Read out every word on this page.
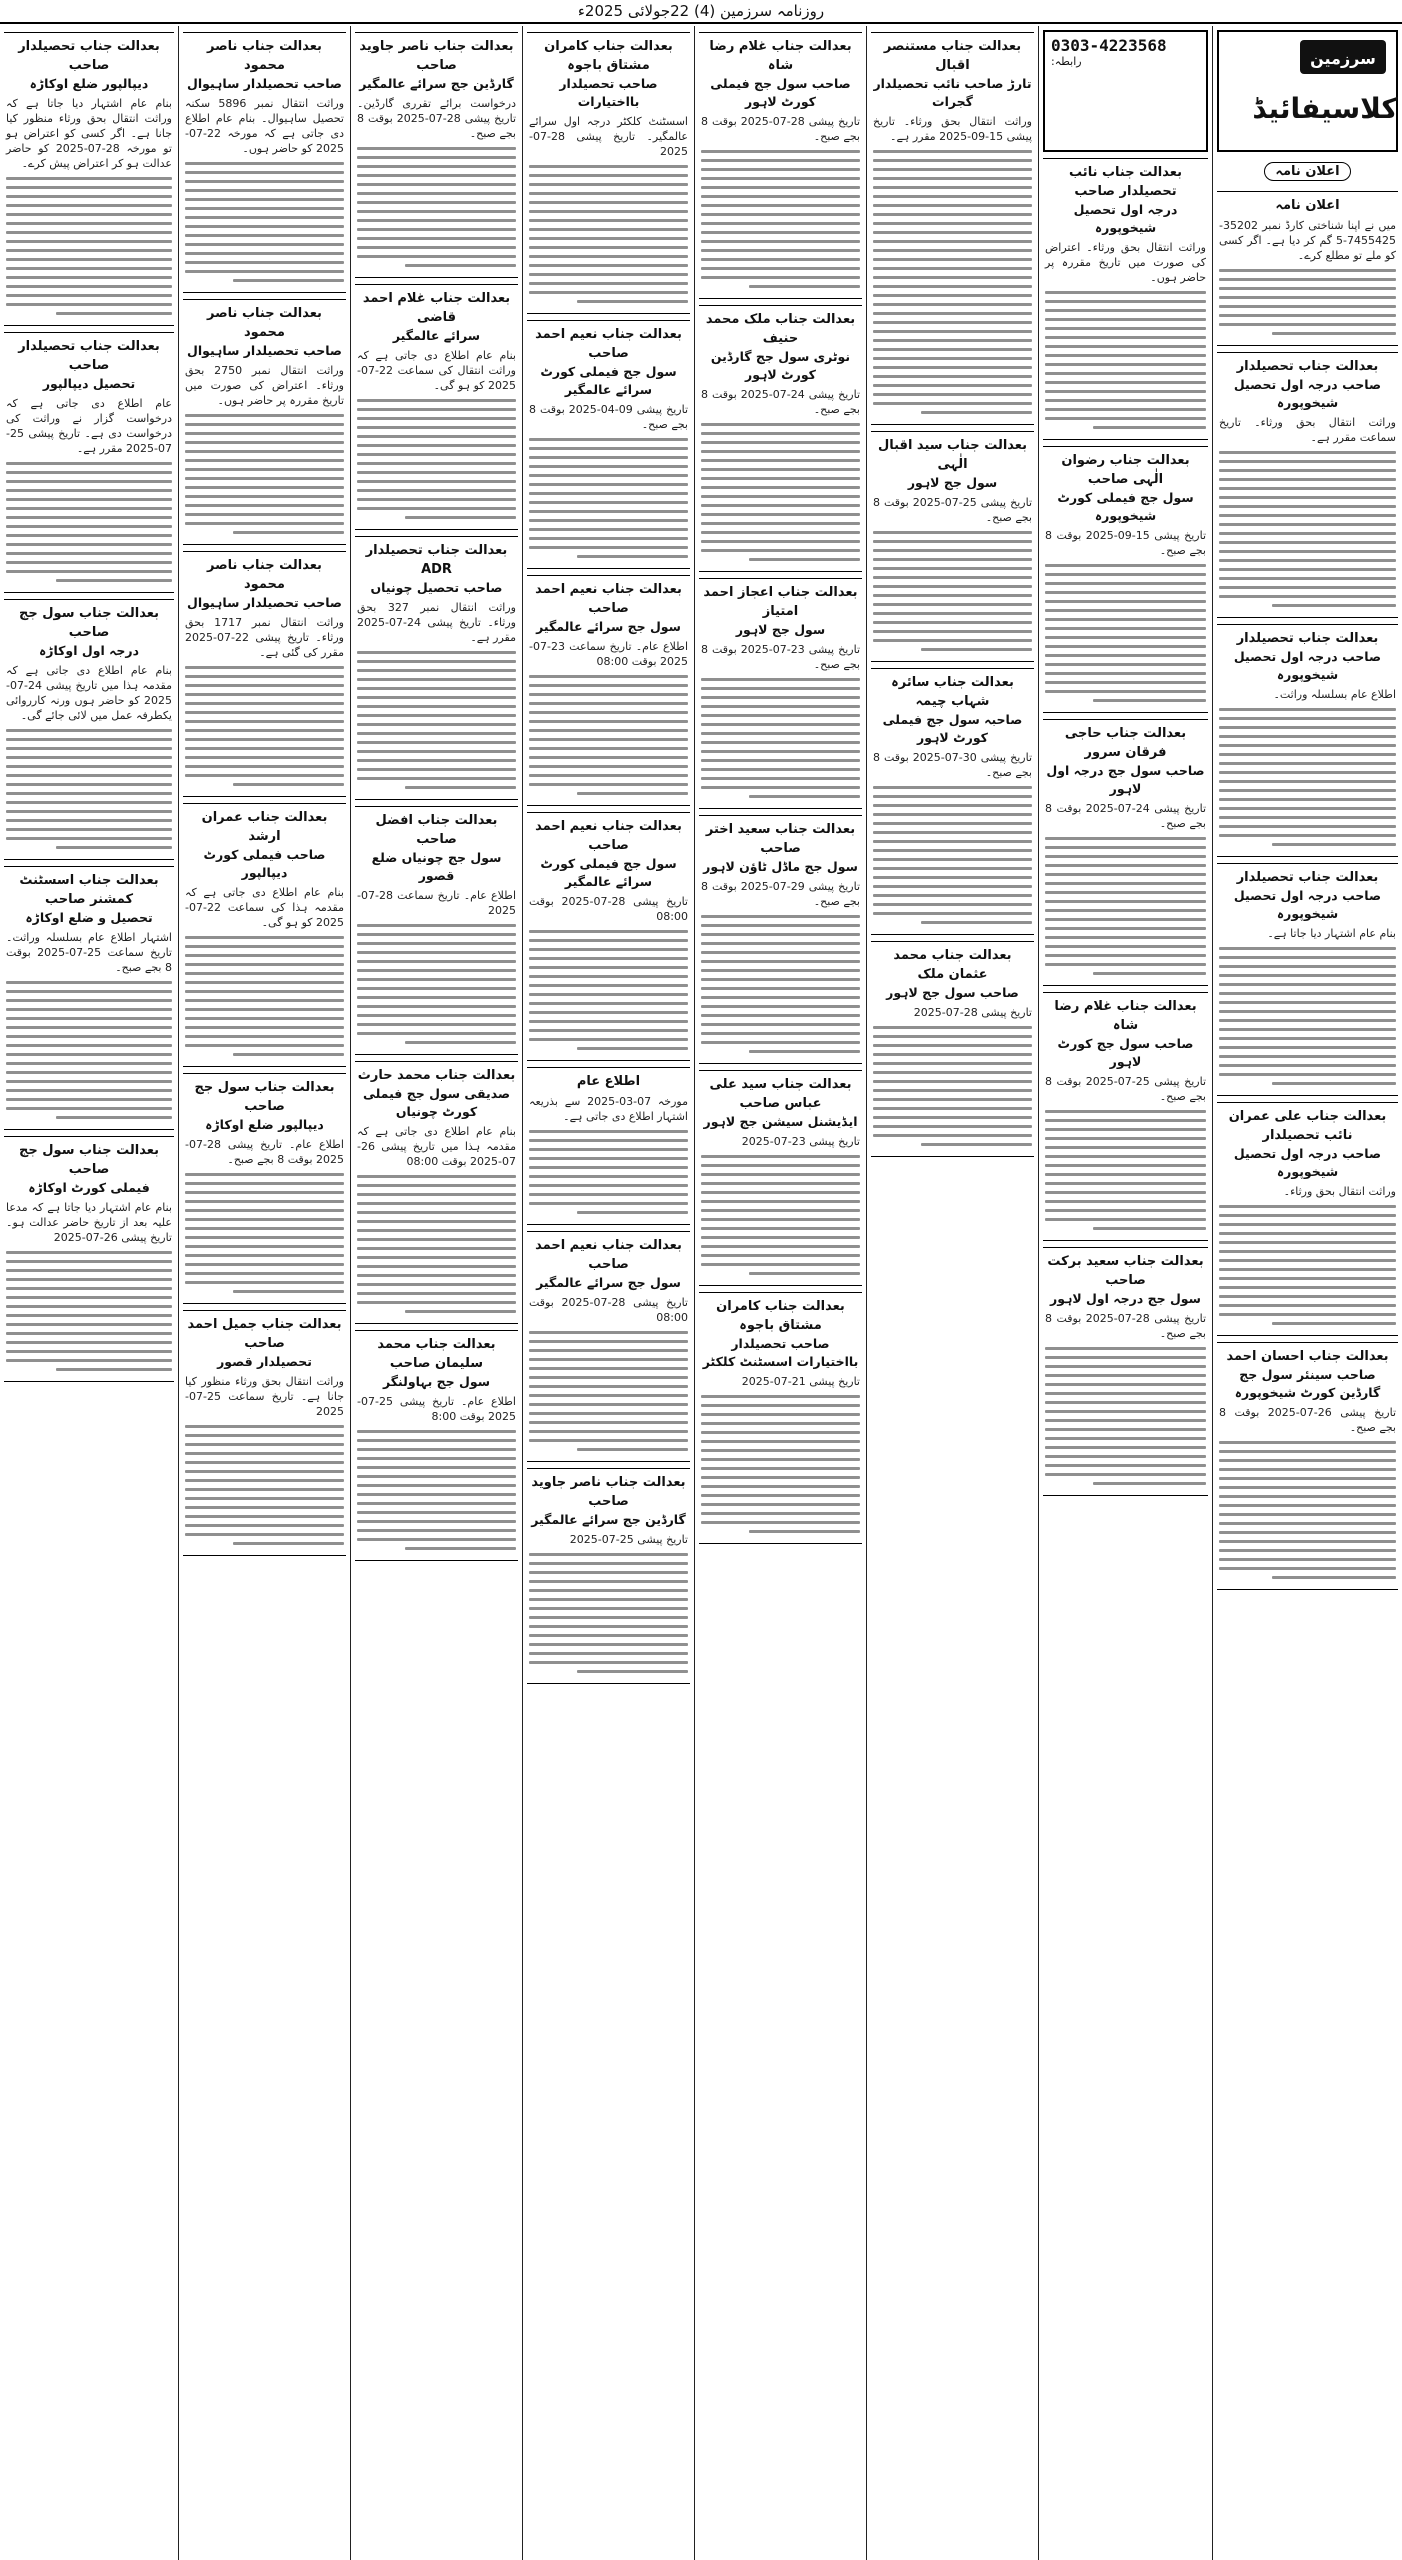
روزنامہ سرزمین (4) 22جولائی 2025ء
سرزمین
کلاسیفائیڈ
اعلان نامہ
اعلان نامہ
میں نے اپنا شناختی کارڈ نمبر 35202-7455425-5 گم کر دیا ہے۔ اگر کسی کو ملے تو مطلع کرے۔
بعدالت جناب تحصیلدار
صاحب درجہ اول تحصیل شیخوپورہ
وراثت انتقال بحق ورثاء۔ تاریخ سماعت مقرر ہے۔
بعدالت جناب تحصیلدار
صاحب درجہ اول تحصیل شیخوپورہ
اطلاع عام بسلسلہ وراثت۔
بعدالت جناب تحصیلدار
صاحب درجہ اول تحصیل شیخوپورہ
بنام عام اشتہار دیا جاتا ہے۔
بعدالت جناب علی عمران نائب تحصیلدار
صاحب درجہ اول تحصیل شیخوپورہ
وراثت انتقال بحق ورثاء۔
بعدالت جناب احسان احمد
صاحب سینئر سول جج گارڈین کورٹ شیخوپورہ
تاریخ پیشی 26-07-2025 بوقت 8 بجے صبح۔
0303-4223568
رابطہ:
بعدالت جناب نائب تحصیلدار صاحب
درجہ اول تحصیل شیخوپورہ
وراثت انتقال بحق ورثاء۔ اعتراض کی صورت میں تاریخ مقررہ پر حاضر ہوں۔
بعدالت جناب رضوان الٰہی صاحب
سول جج فیملی کورٹ شیخوپورہ
تاریخ پیشی 15-09-2025 بوقت 8 بجے صبح۔
بعدالت جناب حاجی فرقان سرور
صاحب سول جج درجہ اول لاہور
تاریخ پیشی 24-07-2025 بوقت 8 بجے صبح۔
بعدالت جناب غلام رضا شاہ
صاحب سول جج کورٹ لاہور
تاریخ پیشی 25-07-2025 بوقت 8 بجے صبح۔
بعدالت جناب سعید برکت صاحب
سول جج درجہ اول لاہور
تاریخ پیشی 28-07-2025 بوقت 8 بجے صبح۔
بعدالت جناب مستنصر اقبال
تارڑ صاحب نائب تحصیلدار گجرات
وراثت انتقال بحق ورثاء۔ تاریخ پیشی 15-09-2025 مقرر ہے۔
بعدالت جناب سید اقبال الٰہی
سول جج لاہور
تاریخ پیشی 25-07-2025 بوقت 8 بجے صبح۔
بعدالت جناب سائرہ شہاب چیمہ
صاحبہ سول جج فیملی کورٹ لاہور
تاریخ پیشی 30-07-2025 بوقت 8 بجے صبح۔
بعدالت جناب محمد عثمان ملک
صاحب سول جج لاہور
تاریخ پیشی 28-07-2025
بعدالت جناب غلام رضا شاہ
صاحب سول جج فیملی کورٹ لاہور
تاریخ پیشی 28-07-2025 بوقت 8 بجے صبح۔
بعدالت جناب ملک محمد حنیف
نوٹری سول جج گارڈین کورٹ لاہور
تاریخ پیشی 24-07-2025 بوقت 8 بجے صبح۔
بعدالت جناب اعجاز احمد امتیاز
سول جج لاہور
تاریخ پیشی 23-07-2025 بوقت 8 بجے صبح۔
بعدالت جناب سعید اختر صاحب
سول جج ماڈل ٹاؤن لاہور
تاریخ پیشی 29-07-2025 بوقت 8 بجے صبح۔
بعدالت جناب سید علی عباس صاحب
ایڈیشنل سیشن جج لاہور
تاریخ پیشی 23-07-2025
بعدالت جناب کامران مشتاق باجوہ
صاحب تحصیلدار بااختیارات اسسٹنٹ کلکٹر
تاریخ پیشی 21-07-2025
بعدالت جناب کامران مشتاق باجوہ
صاحب تحصیلدار بااختیارات
اسسٹنٹ کلکٹر درجہ اول سرائے عالمگیر۔ تاریخ پیشی 28-07-2025
بعدالت جناب نعیم احمد صاحب
سول جج فیملی کورٹ سرائے عالمگیر
تاریخ پیشی 09-04-2025 بوقت 8 بجے صبح۔
بعدالت جناب نعیم احمد صاحب
سول جج سرائے عالمگیر
اطلاع عام۔ تاریخ سماعت 23-07-2025 بوقت 08:00
بعدالت جناب نعیم احمد صاحب
سول جج فیملی کورٹ سرائے عالمگیر
تاریخ پیشی 28-07-2025 بوقت 08:00
اطلاع عام
مورخہ 07-03-2025 سے بذریعہ اشتہار اطلاع دی جاتی ہے۔
بعدالت جناب نعیم احمد صاحب
سول جج سرائے عالمگیر
تاریخ پیشی 28-07-2025 بوقت 08:00
بعدالت جناب ناصر جاوید صاحب
گارڈین جج سرائے عالمگیر
تاریخ پیشی 25-07-2025
بعدالت جناب ناصر جاوید صاحب
گارڈین جج سرائے عالمگیر
درخواست برائے تقرری گارڈین۔ تاریخ پیشی 28-07-2025 بوقت 8 بجے صبح۔
بعدالت جناب غلام احمد قاضی
سرائے عالمگیر
بنام عام اطلاع دی جاتی ہے کہ وراثت انتقال کی سماعت 22-07-2025 کو ہو گی۔
بعدالت جناب تحصیلدار ADR
صاحب تحصیل چونیاں
وراثت انتقال نمبر 327 بحق ورثاء۔ تاریخ پیشی 24-07-2025 مقرر ہے۔
بعدالت جناب افضل صاحب
سول جج چونیاں ضلع قصور
اطلاع عام۔ تاریخ سماعت 28-07-2025
بعدالت جناب محمد حارث
صدیقی سول جج فیملی کورٹ چونیاں
بنام عام اطلاع دی جاتی ہے کہ مقدمہ ہذا میں تاریخ پیشی 26-07-2025 بوقت 08:00
بعدالت جناب محمد سلیمان صاحب
سول جج بہاولنگر
اطلاع عام۔ تاریخ پیشی 25-07-2025 بوقت 8:00
بعدالت جناب ناصر محمود
صاحب تحصیلدار ساہیوال
وراثت انتقال نمبر 5896 سکنہ تحصیل ساہیوال۔ بنام عام اطلاع دی جاتی ہے کہ مورخہ 22-07-2025 کو حاضر ہوں۔
بعدالت جناب ناصر محمود
صاحب تحصیلدار ساہیوال
وراثت انتقال نمبر 2750 بحق ورثاء۔ اعتراض کی صورت میں تاریخ مقررہ پر حاضر ہوں۔
بعدالت جناب ناصر محمود
صاحب تحصیلدار ساہیوال
وراثت انتقال نمبر 1717 بحق ورثاء۔ تاریخ پیشی 22-07-2025 مقرر کی گئی ہے۔
بعدالت جناب عمران ارشد
صاحب فیملی کورٹ دیپالپور
بنام عام اطلاع دی جاتی ہے کہ مقدمہ ہذا کی سماعت 22-07-2025 کو ہو گی۔
بعدالت جناب سول جج صاحب
دیپالپور ضلع اوکاڑہ
اطلاع عام۔ تاریخ پیشی 28-07-2025 بوقت 8 بجے صبح۔
بعدالت جناب جمیل احمد صاحب
تحصیلدار قصور
وراثت انتقال بحق ورثاء منظور کیا جانا ہے۔ تاریخ سماعت 25-07-2025
بعدالت جناب تحصیلدار صاحب
دیپالپور ضلع اوکاڑہ
بنام عام اشتہار دیا جاتا ہے کہ وراثت انتقال بحق ورثاء منظور کیا جانا ہے۔ اگر کسی کو اعتراض ہو تو مورخہ 28-07-2025 کو حاضر عدالت ہو کر اعتراض پیش کرے۔
بعدالت جناب تحصیلدار صاحب
تحصیل دیپالپور
عام اطلاع دی جاتی ہے کہ درخواست گزار نے وراثت کی درخواست دی ہے۔ تاریخ پیشی 25-07-2025 مقرر ہے۔
بعدالت جناب سول جج صاحب
درجہ اول اوکاڑہ
بنام عام اطلاع دی جاتی ہے کہ مقدمہ ہذا میں تاریخ پیشی 24-07-2025 کو حاضر ہوں ورنہ کارروائی یکطرفہ عمل میں لائی جائے گی۔
بعدالت جناب اسسٹنٹ کمشنر صاحب
تحصیل و ضلع اوکاڑہ
اشتہار اطلاع عام بسلسلہ وراثت۔ تاریخ سماعت 25-07-2025 بوقت 8 بجے صبح۔
بعدالت جناب سول جج صاحب
فیملی کورٹ اوکاڑہ
بنام عام اشتہار دیا جاتا ہے کہ مدعا علیہ بعد از تاریخ حاضر عدالت ہو۔ تاریخ پیشی 26-07-2025
